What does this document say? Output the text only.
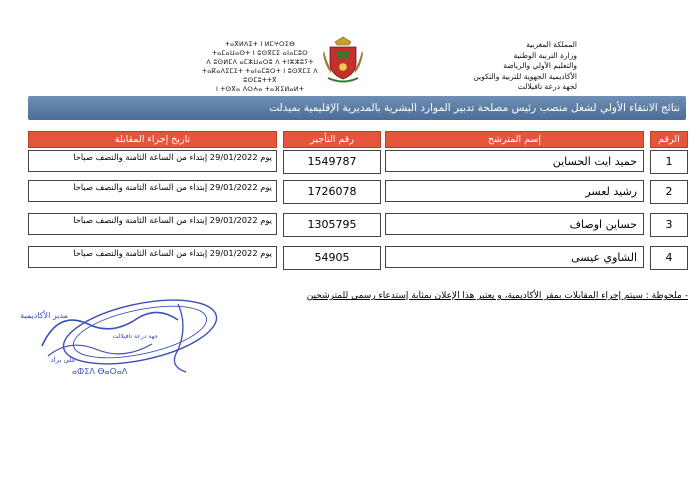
المملكة المغربية
وزارة التربية الوطنية
والتعليم الأولي والرياضة
الأكاديمية الجهوية للتربية والتكوين
لجهة درعة تافيلالت
ⵜⴰⴳⵍⴷⵉⵜ ⵏ ⵍⵎⵖⵔⵉⴱ
ⵜⴰⵎⴰⵡⴰⵙⵜ ⵏ ⵓⵙⴳⵎⵉ ⴰⵏⴰⵎⵓⵔ
ⴷ ⵓⵙⵍⵎⴷ ⴰⵎⵣⵡⴰⵔⵓ ⴷ ⵜⵏⵣⵣⵓⵢⵜ
ⵜⴰⴽⴰⴷⵉⵎⵉⵜ ⵜⴰⵏⴰⵎⵓⵔⵜ ⵏ ⵓⵙⴳⵎⵉ ⴷ ⵓⵙⵎⵓⵜⵜⴳ
ⵏ ⵜⵙⴳⴰ ⴷⵔⵄⴰ ⵜⴰⴼⵉⵍⴰⵍⵜ
نتائج الانتقاء الأولي لشغل منصب رئيس مصلحة تدبير الموارد البشرية بالمديرية الإقليمية بميدلت
الرقم
إسم المترشح
رقم التأجير
تاريخ إجراء المقابلة
1
حميد ايت الحساين
1549787
يوم 29/01/2022 إبتداء من الساعة الثامنة والنصف صباحا
2
رشيد لعسر
1726078
يوم 29/01/2022 إبتداء من الساعة الثامنة والنصف صباحا
3
حساين اوصاف
1305795
يوم 29/01/2022 إبتداء من الساعة الثامنة والنصف صباحا
4
الشاوي عيسى
54905
يوم 29/01/2022 إبتداء من الساعة الثامنة والنصف صباحا
- ملحوظة : سيتم إجراء المقابلات بمقر الأكاديمية، و يعتبر هذا الإعلان بمثابة إستدعاء رسمي للمترشحين
مدير الأكاديمية
جهة درعة تافيلالت
علي براد
ⴰⵀⵉⴷ ⴱⴰⵔⴰⴷ
